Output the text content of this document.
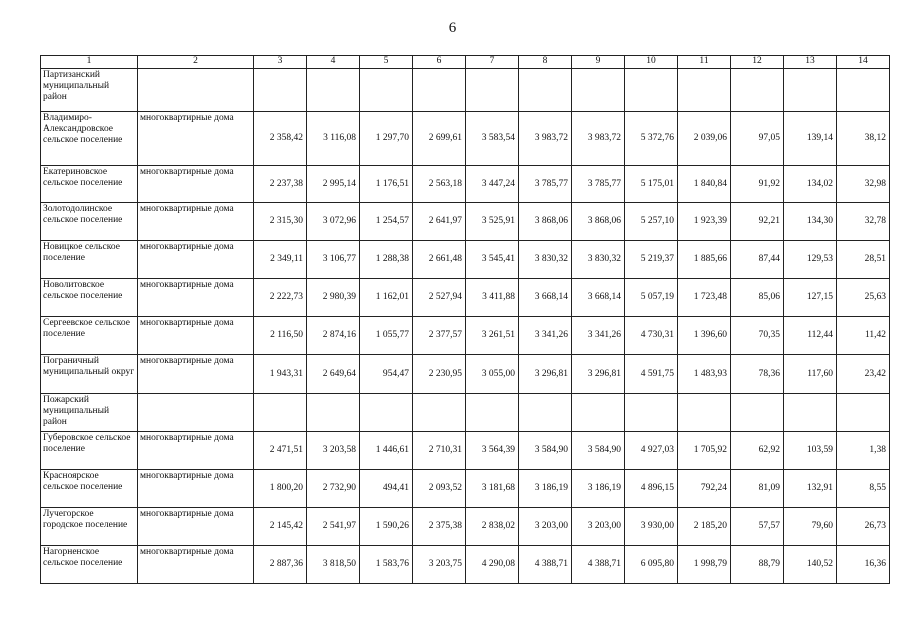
6
1	2	3	4	5	6	7	8	9	10	11	12	13	14
Партизанский муниципальный район													
Владимиро-Александровское сельское поселение	многоквартирные дома	2 358,42	3 116,08	1 297,70	2 699,61	3 583,54	3 983,72	3 983,72	5 372,76	2 039,06	97,05	139,14	38,12
Екатериновское сельское поселение	многоквартирные дома	2 237,38	2 995,14	1 176,51	2 563,18	3 447,24	3 785,77	3 785,77	5 175,01	1 840,84	91,92	134,02	32,98
Золотодолинское сельское поселение	многоквартирные дома	2 315,30	3 072,96	1 254,57	2 641,97	3 525,91	3 868,06	3 868,06	5 257,10	1 923,39	92,21	134,30	32,78
Новицкое сельское поселение	многоквартирные дома	2 349,11	3 106,77	1 288,38	2 661,48	3 545,41	3 830,32	3 830,32	5 219,37	1 885,66	87,44	129,53	28,51
Новолитовское сельское поселение	многоквартирные дома	2 222,73	2 980,39	1 162,01	2 527,94	3 411,88	3 668,14	3 668,14	5 057,19	1 723,48	85,06	127,15	25,63
Сергеевское сельское поселение	многоквартирные дома	2 116,50	2 874,16	1 055,77	2 377,57	3 261,51	3 341,26	3 341,26	4 730,31	1 396,60	70,35	112,44	11,42
Пограничный муниципальный округ	многоквартирные дома	1 943,31	2 649,64	954,47	2 230,95	3 055,00	3 296,81	3 296,81	4 591,75	1 483,93	78,36	117,60	23,42
Пожарский муниципальный район													
Губеровское сельское поселение	многоквартирные дома	2 471,51	3 203,58	1 446,61	2 710,31	3 564,39	3 584,90	3 584,90	4 927,03	1 705,92	62,92	103,59	1,38
Красноярское сельское поселение	многоквартирные дома	1 800,20	2 732,90	494,41	2 093,52	3 181,68	3 186,19	3 186,19	4 896,15	792,24	81,09	132,91	8,55
Лучегорское городское поселение	многоквартирные дома	2 145,42	2 541,97	1 590,26	2 375,38	2 838,02	3 203,00	3 203,00	3 930,00	2 185,20	57,57	79,60	26,73
Нагорненское сельское поселение	многоквартирные дома	2 887,36	3 818,50	1 583,76	3 203,75	4 290,08	4 388,71	4 388,71	6 095,80	1 998,79	88,79	140,52	16,36
